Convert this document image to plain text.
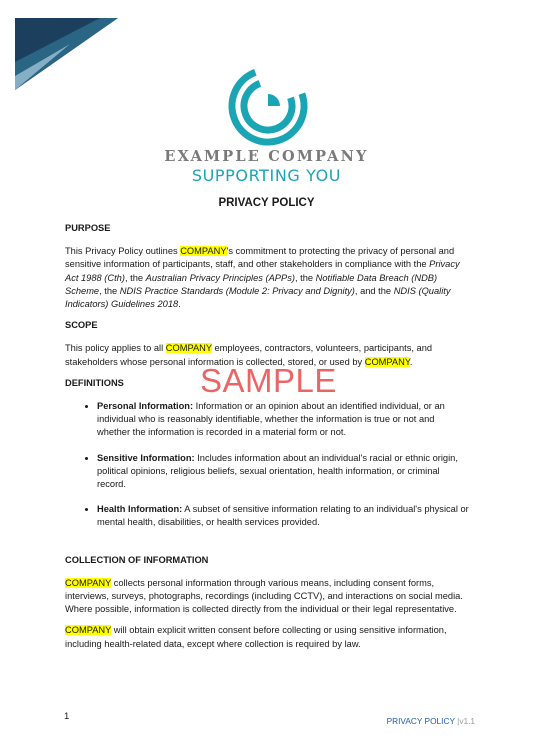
EXAMPLE COMPANY
SUPPORTING YOU
PRIVACY POLICY
PURPOSE

This Privacy Policy outlines COMPANY's commitment to protecting the privacy of personal and sensitive information of participants, staff, and other stakeholders in compliance with the Privacy Act 1988 (Cth), the Australian Privacy Principles (APPs), the Notifiable Data Breach (NDB) Scheme, the NDIS Practice Standards (Module 2: Privacy and Dignity), and the NDIS (Quality Indicators) Guidelines 2018.

SCOPE

This policy applies to all COMPANY employees, contractors, volunteers, participants, and stakeholders whose personal information is collected, stored, or used by COMPANY.

DEFINITIONS
• Personal Information: Information or an opinion about an identified individual, or an individual who is reasonably identifiable, whether the information is true or not and whether the information is recorded in a material form or not.
• Sensitive Information: Includes information about an individual's racial or ethnic origin, political opinions, religious beliefs, sexual orientation, health information, or criminal record.
• Health Information: A subset of sensitive information relating to an individual's physical or mental health, disabilities, or health services provided.
COLLECTION OF INFORMATION

COMPANY collects personal information through various means, including consent forms, interviews, surveys, photographs, recordings (including CCTV), and interactions on social media. Where possible, information is collected directly from the individual or their legal representative.

COMPANY will obtain explicit written consent before collecting or using sensitive information, including health-related data, except where collection is required by law.

SAMPLE
1	PRIVACY POLICY |v1.1
